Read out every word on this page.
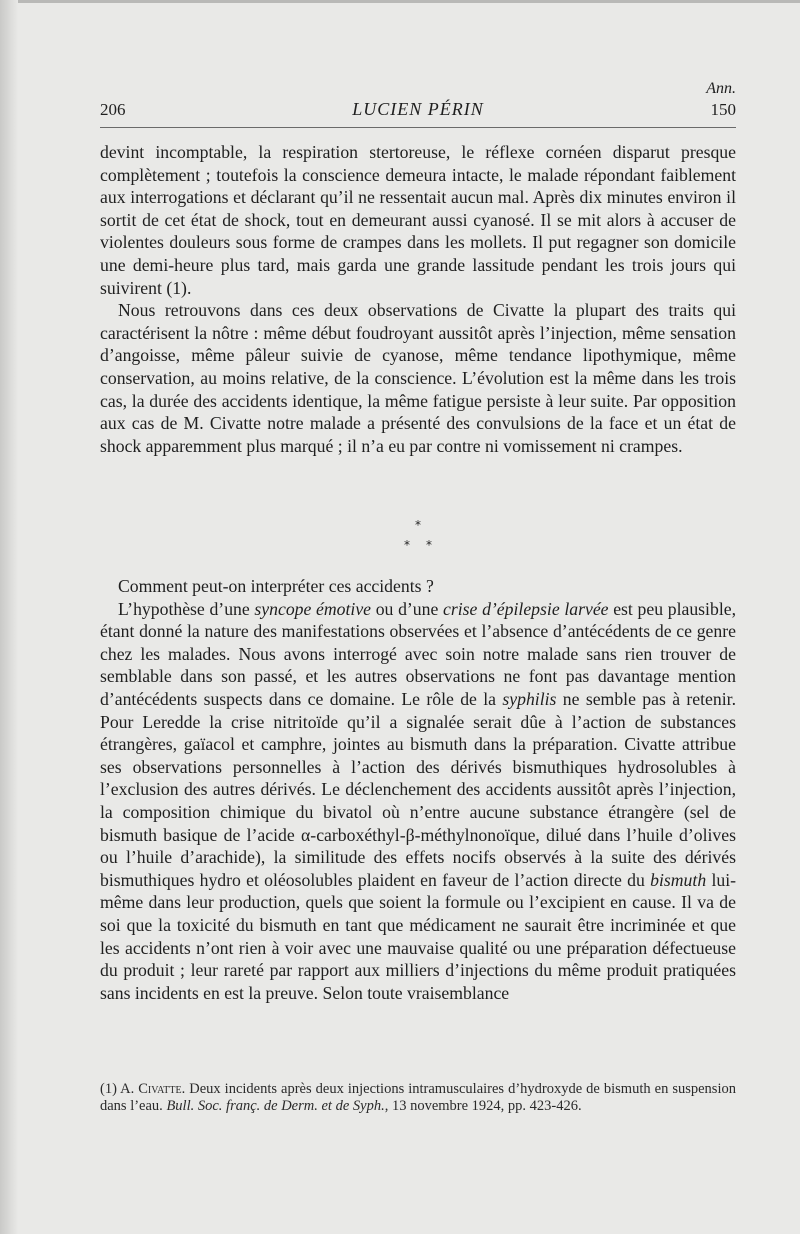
Ann.
206	LUCIEN PÉRIN	150

devint incomptable, la respiration stertoreuse, le réflexe cornéen disparut presque complètement ; toutefois la conscience demeura intacte, le malade répondant faiblement aux interrogations et déclarant qu’il ne ressentait aucun mal. Après dix minutes environ il sortit de cet état de shock, tout en demeurant aussi cyanosé. Il se mit alors à accuser de violentes douleurs sous forme de crampes dans les mollets. Il put regagner son domicile une demi-heure plus tard, mais garda une grande lassitude pendant les trois jours qui suivirent (1).

Nous retrouvons dans ces deux observations de Civatte la plupart des traits qui caractérisent la nôtre : même début foudroyant aussitôt après l’injection, même sensation d’angoisse, même pâleur suivie de cyanose, même tendance lipothymique, même conservation, au moins relative, de la conscience. L’évolution est la même dans les trois cas, la durée des accidents identique, la même fatigue persiste à leur suite. Par opposition aux cas de M. Civatte notre malade a présenté des convulsions de la face et un état de shock apparemment plus marqué ; il n’a eu par contre ni vomissement ni crampes.

*
**

Comment peut-on interpréter ces accidents ?

L’hypothèse d’une syncope émotive ou d’une crise d’épilepsie larvée est peu plausible, étant donné la nature des manifestations observées et l’absence d’antécédents de ce genre chez les malades. Nous avons interrogé avec soin notre malade sans rien trouver de semblable dans son passé, et les autres observations ne font pas davantage mention d’antécédents suspects dans ce domaine. Le rôle de la syphilis ne semble pas à retenir. Pour Leredde la crise nitritoïde qu’il a signalée serait dûe à l’action de substances étrangères, gaïacol et camphre, jointes au bismuth dans la préparation. Civatte attribue ses observations personnelles à l’action des dérivés bismuthiques hydrosolubles à l’exclusion des autres dérivés. Le déclenchement des accidents aussitôt après l’injection, la composition chimique du bivatol où n’entre aucune substance étrangère (sel de bismuth basique de l’acide α-carboxéthyl-β-méthylnonoïque, dilué dans l’huile d’olives ou l’huile d’arachide), la similitude des effets nocifs observés à la suite des dérivés bismuthiques hydro et oléosolubles plaident en faveur de l’action directe du bismuth lui-même dans leur production, quels que soient la formule ou l’excipient en cause. Il va de soi que la toxicité du bismuth en tant que médicament ne saurait être incriminée et que les accidents n’ont rien à voir avec une mauvaise qualité ou une préparation défectueuse du produit ; leur rareté par rapport aux milliers d’injections du même produit pratiquées sans incidents en est la preuve. Selon toute vraisemblance

(1) A. Civatte. Deux incidents après deux injections intramusculaires d’hydroxyde de bismuth en suspension dans l’eau. Bull. Soc. franç. de Derm. et de Syph., 13 novembre 1924, pp. 423-426.
